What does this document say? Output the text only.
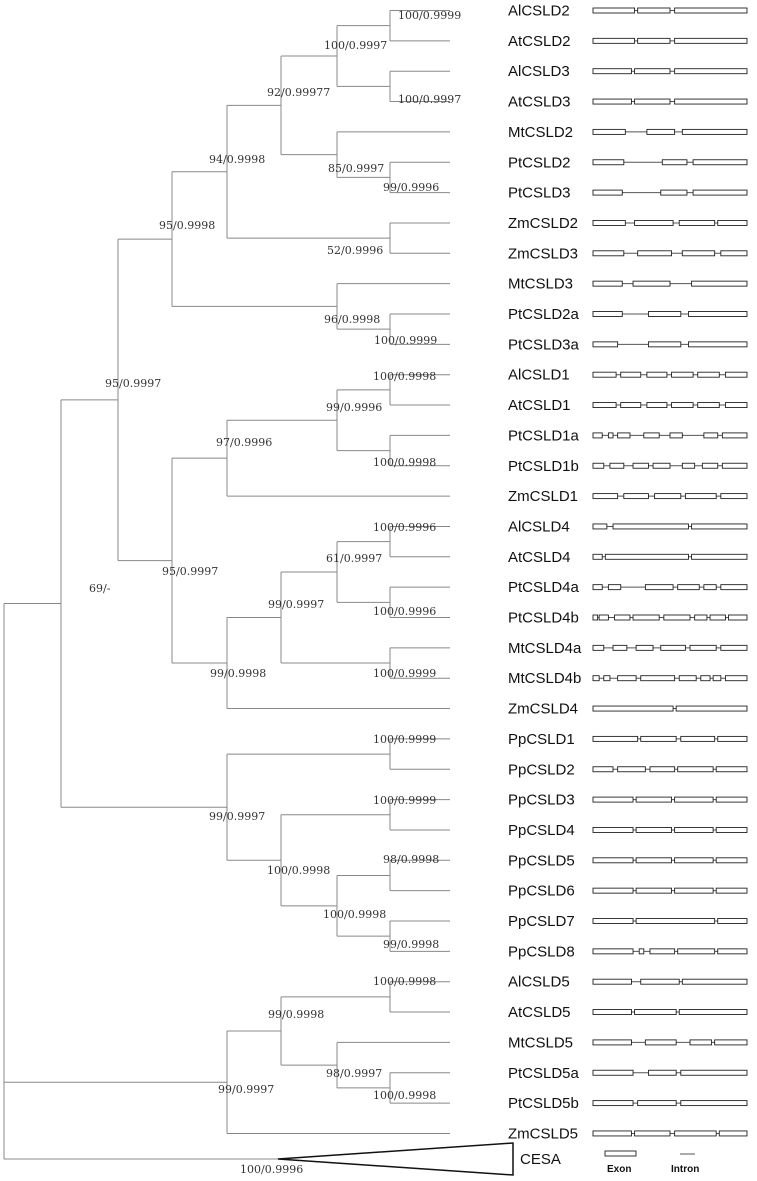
AlCSLD2
AtCSLD2
AlCSLD3
AtCSLD3
MtCSLD2
PtCSLD2
PtCSLD3
ZmCSLD2
ZmCSLD3
MtCSLD3
PtCSLD2a
PtCSLD3a
AlCSLD1
AtCSLD1
PtCSLD1a
PtCSLD1b
ZmCSLD1
AlCSLD4
AtCSLD4
PtCSLD4a
PtCSLD4b
MtCSLD4a
MtCSLD4b
ZmCSLD4
PpCSLD1
PpCSLD2
PpCSLD3
PpCSLD4
PpCSLD5
PpCSLD6
PpCSLD7
PpCSLD8
AlCSLD5
AtCSLD5
MtCSLD5
PtCSLD5a
PtCSLD5b
ZmCSLD5
100/0.9999
100/0.9997
100/0.9997
99/0.9996
85/0.9997
92/0.99977
52/0.9996
94/0.9998
100/0.9999
96/0.9998
95/0.9998
100/0.9998
100/0.9998
99/0.9996
97/0.9996
100/0.9996
100/0.9996
61/0.9997
100/0.9999
99/0.9997
99/0.9998
95/0.9997
95/0.9997
100/0.9999
100/0.9999
98/0.9998
99/0.9998
100/0.9998
100/0.9998
99/0.9997
69/-
100/0.9998
100/0.9998
98/0.9997
99/0.9998
99/0.9997
100/0.9996
CESA
Exon	Intron
